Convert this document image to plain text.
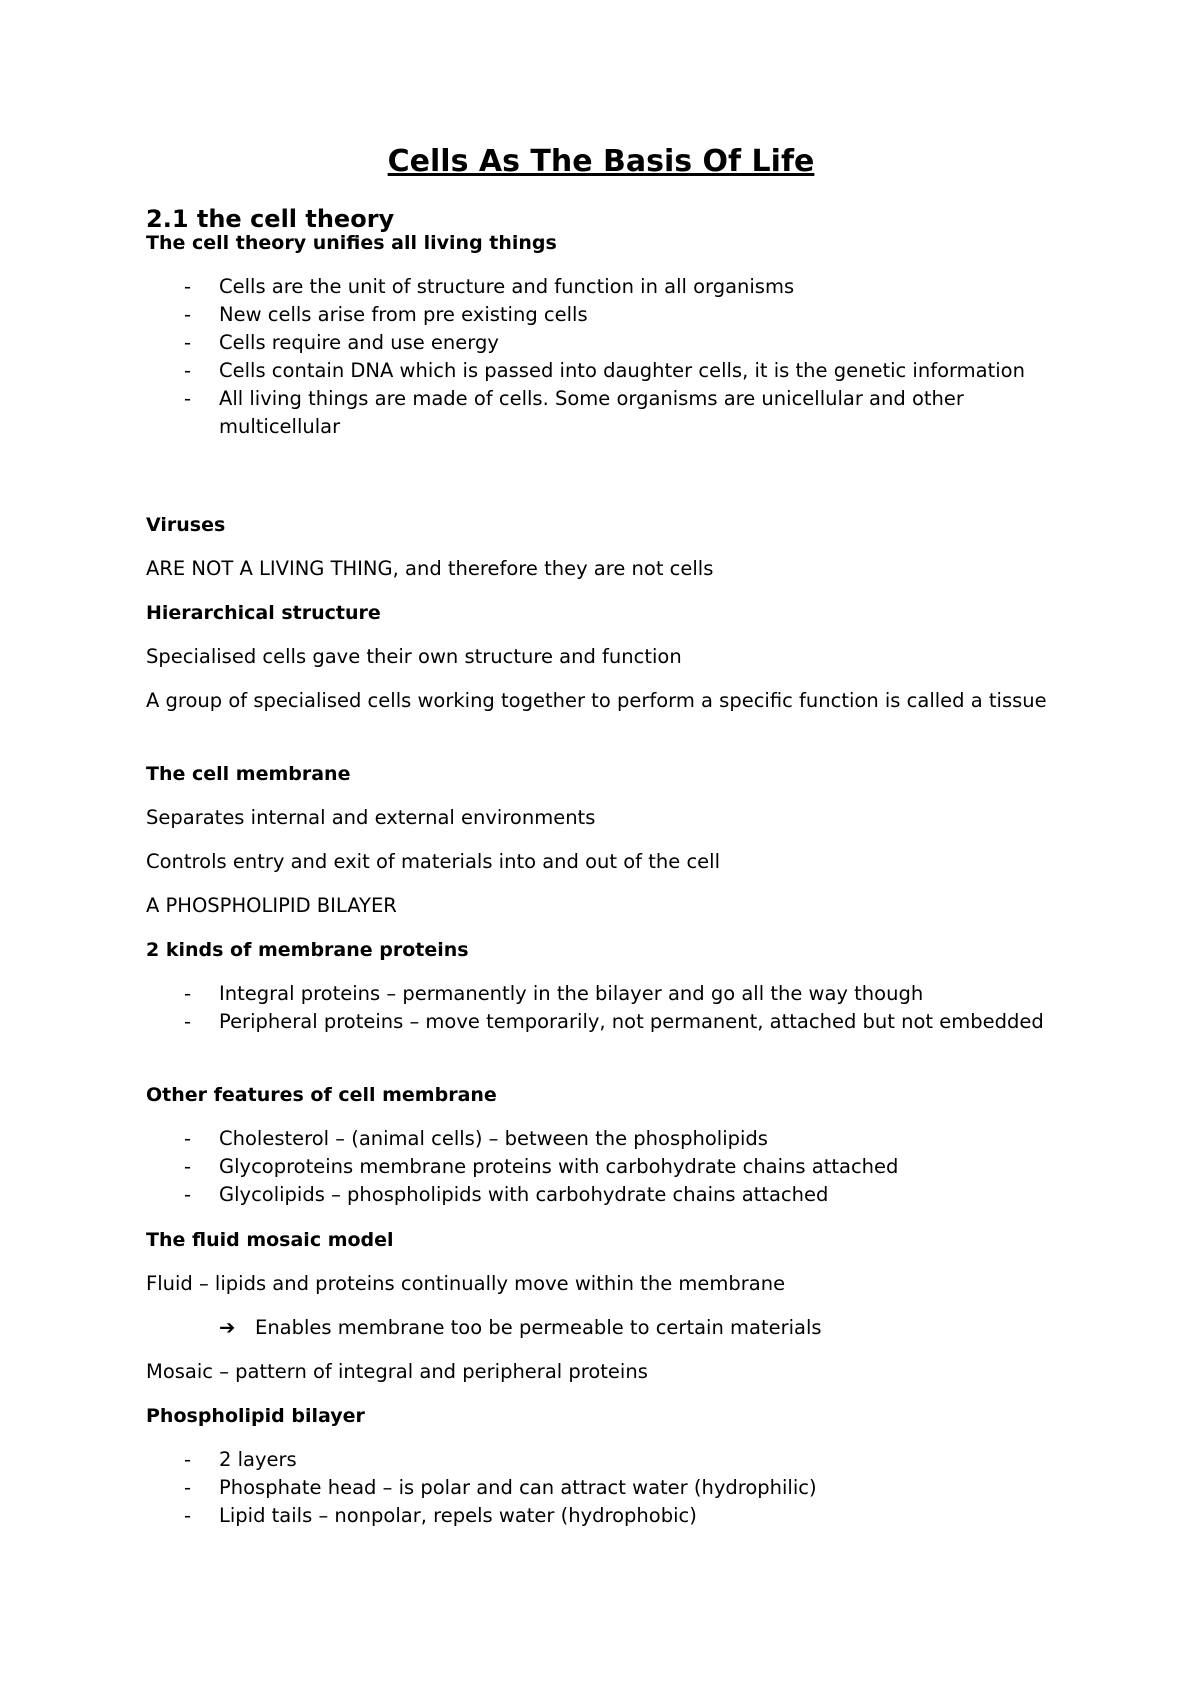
Cells As The Basis Of Life
2.1 the cell theory
The cell theory unifies all living things
- Cells are the unit of structure and function in all organisms
- New cells arise from pre existing cells
- Cells require and use energy
- Cells contain DNA which is passed into daughter cells, it is the genetic information
- All living things are made of cells. Some organisms are unicellular and other multicellular
Viruses

ARE NOT A LIVING THING, and therefore they are not cells

Hierarchical structure

Specialised cells gave their own structure and function

A group of specialised cells working together to perform a specific function is called a tissue

The cell membrane

Separates internal and external environments

Controls entry and exit of materials into and out of the cell

A PHOSPHOLIPID BILAYER

2 kinds of membrane proteins
- Integral proteins – permanently in the bilayer and go all the way though
- Peripheral proteins – move temporarily, not permanent, attached but not embedded
Other features of cell membrane
- Cholesterol – (animal cells) – between the phospholipids
- Glycoproteins membrane proteins with carbohydrate chains attached
- Glycolipids – phospholipids with carbohydrate chains attached
The fluid mosaic model

Fluid – lipids and proteins continually move within the membrane

➔ Enables membrane too be permeable to certain materials

Mosaic – pattern of integral and peripheral proteins

Phospholipid bilayer
- 2 layers
- Phosphate head – is polar and can attract water (hydrophilic)
- Lipid tails – nonpolar, repels water (hydrophobic)
